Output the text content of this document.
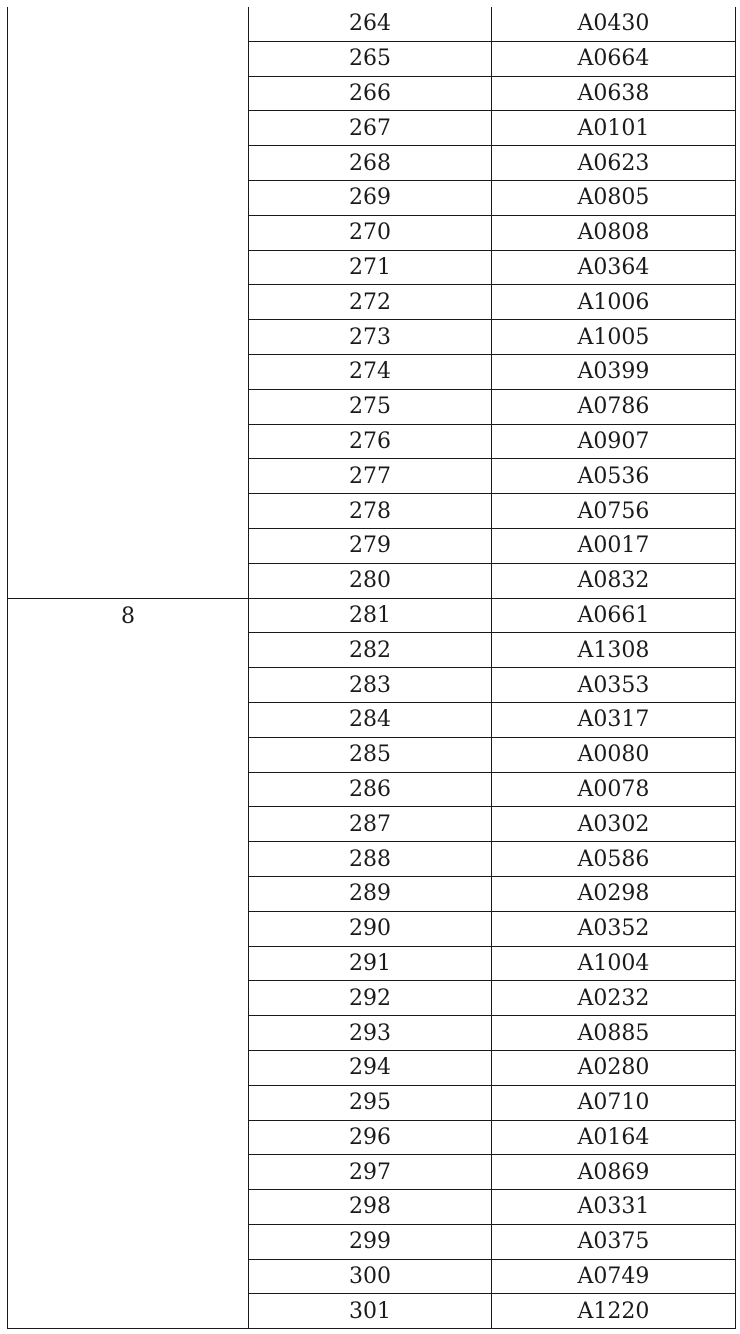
	264	A0430
	265	A0664
	266	A0638
	267	A0101
	268	A0623
	269	A0805
	270	A0808
	271	A0364
	272	A1006
	273	A1005
	274	A0399
	275	A0786
	276	A0907
	277	A0536
	278	A0756
	279	A0017
	280	A0832
8	281	A0661
	282	A1308
	283	A0353
	284	A0317
	285	A0080
	286	A0078
	287	A0302
	288	A0586
	289	A0298
	290	A0352
	291	A1004
	292	A0232
	293	A0885
	294	A0280
	295	A0710
	296	A0164
	297	A0869
	298	A0331
	299	A0375
	300	A0749
	301	A1220
